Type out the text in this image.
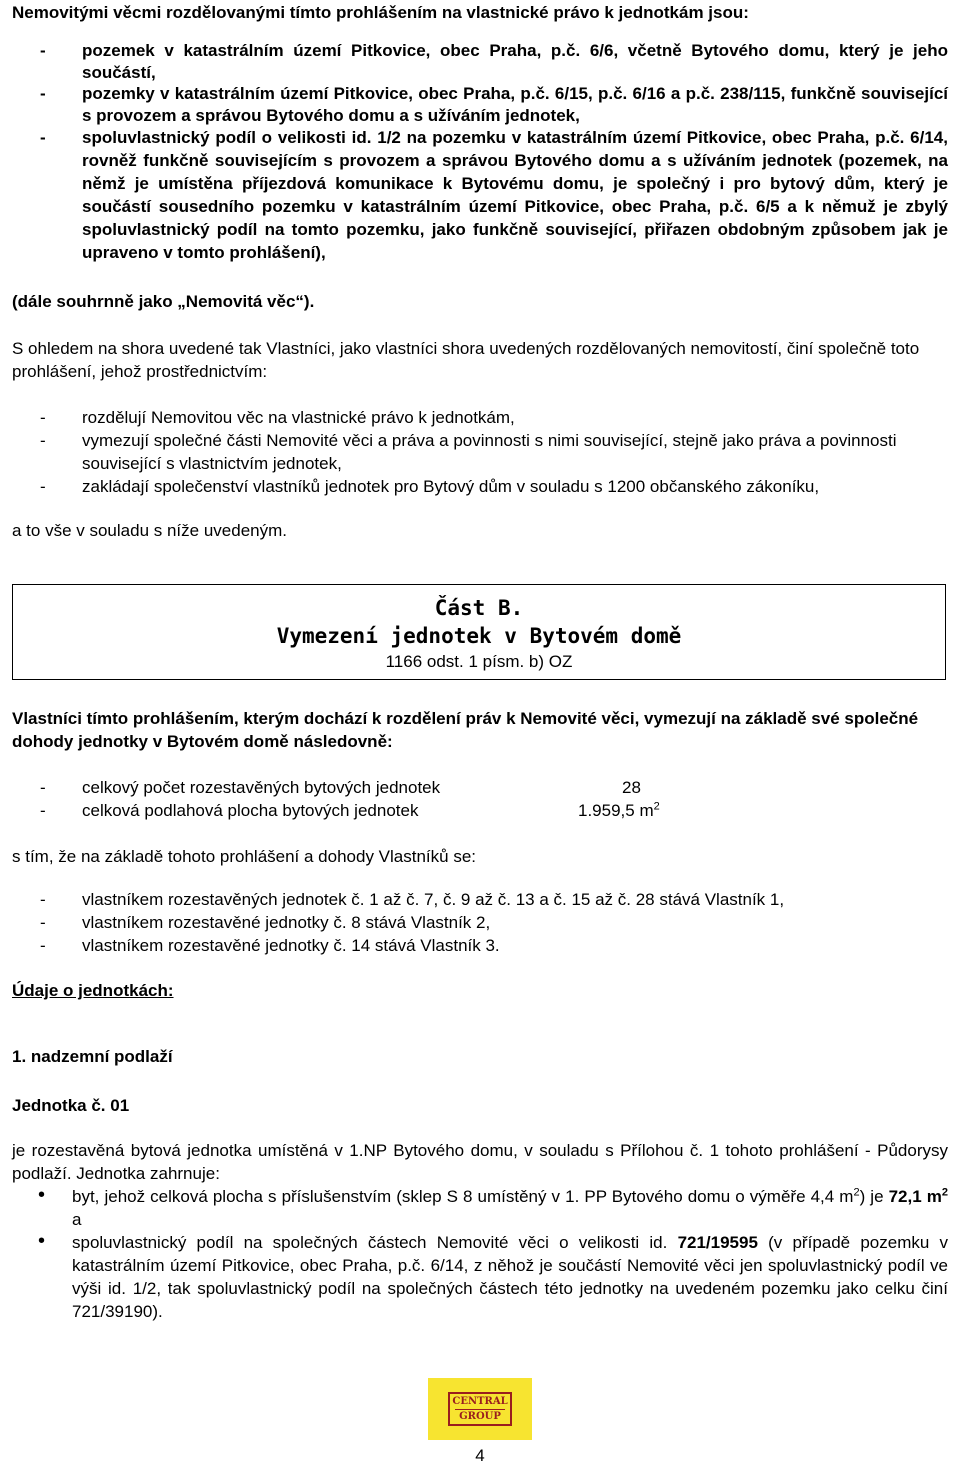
Nemovitými věcmi rozdělovanými tímto prohlášením na vlastnické právo k jednotkám jsou:

- pozemek v katastrálním území Pitkovice, obec Praha, p.č. 6/6, včetně Bytového domu, který je jeho součástí,
- pozemky v katastrálním území Pitkovice, obec Praha, p.č. 6/15, p.č. 6/16 a p.č. 238/115, funkčně související s provozem a správou Bytového domu a s užíváním jednotek,
- spoluvlastnický podíl o velikosti id. 1/2 na pozemku v katastrálním území Pitkovice, obec Praha, p.č. 6/14, rovněž funkčně souvisejícím s provozem a správou Bytového domu a s užíváním jednotek (pozemek, na němž je umístěna příjezdová komunikace k Bytovému domu, je společný i pro bytový dům, který je součástí sousedního pozemku v katastrálním území Pitkovice, obec Praha, p.č. 6/5 a k němuž je zbylý spoluvlastnický podíl na tomto pozemku, jako funkčně související, přiřazen obdobným způsobem jak je upraveno v tomto prohlášení),

(dále souhrnně jako „Nemovitá věc“).

S ohledem na shora uvedené tak Vlastníci, jako vlastníci shora uvedených rozdělovaných nemovitostí, činí společně toto prohlášení, jehož prostřednictvím:

- rozdělují Nemovitou věc na vlastnické právo k jednotkám,
- vymezují společné části Nemovité věci a práva a povinnosti s nimi související, stejně jako práva a povinnosti související s vlastnictvím jednotek,
- zakládají společenství vlastníků jednotek pro Bytový dům v souladu s 1200 občanského zákoníku,

a to vše v souladu s níže uvedeným.

Část B.
Vymezení jednotek v Bytovém domě
1166 odst. 1 písm. b) OZ

Vlastníci tímto prohlášením, kterým dochází k rozdělení práv k Nemovité věci, vymezují na základě své společné dohody jednotky v Bytovém domě následovně:

- celkový počet rozestavěných bytových jednotek	28
- celková podlahová plocha bytových jednotek	1.959,5 $m^2$

s tím, že na základě tohoto prohlášení a dohody Vlastníků se:

- vlastníkem rozestavěných jednotek č. 1 až č. 7, č. 9 až č. 13 a č. 15 až č. 28 stává Vlastník 1,
- vlastníkem rozestavěné jednotky č. 8 stává Vlastník 2,
- vlastníkem rozestavěné jednotky č. 14 stává Vlastník 3.

Údaje o jednotkách:

1. nadzemní podlaží

Jednotka č. 01

je rozestavěná bytová jednotka umístěná v 1.NP Bytového domu, v souladu s Přílohou č. 1 tohoto prohlášení - Půdorysy podlaží. Jednotka zahrnuje:

• byt, jehož celková plocha s příslušenstvím (sklep S 8 umístěný v 1. PP Bytového domu o výměře 4,4 $m^2$) je 72,1 $m^2$ a
• spoluvlastnický podíl na společných částech Nemovité věci o velikosti id. 721/19595 (v případě pozemku v katastrálním území Pitkovice, obec Praha, p.č. 6/14, z něhož je součástí Nemovité věci jen spoluvlastnický podíl ve výši id. 1/2, tak spoluvlastnický podíl na společných částech této jednotky na uvedeném pozemku jako celku činí 721/39190).
CENTRAL
GROUP
4
